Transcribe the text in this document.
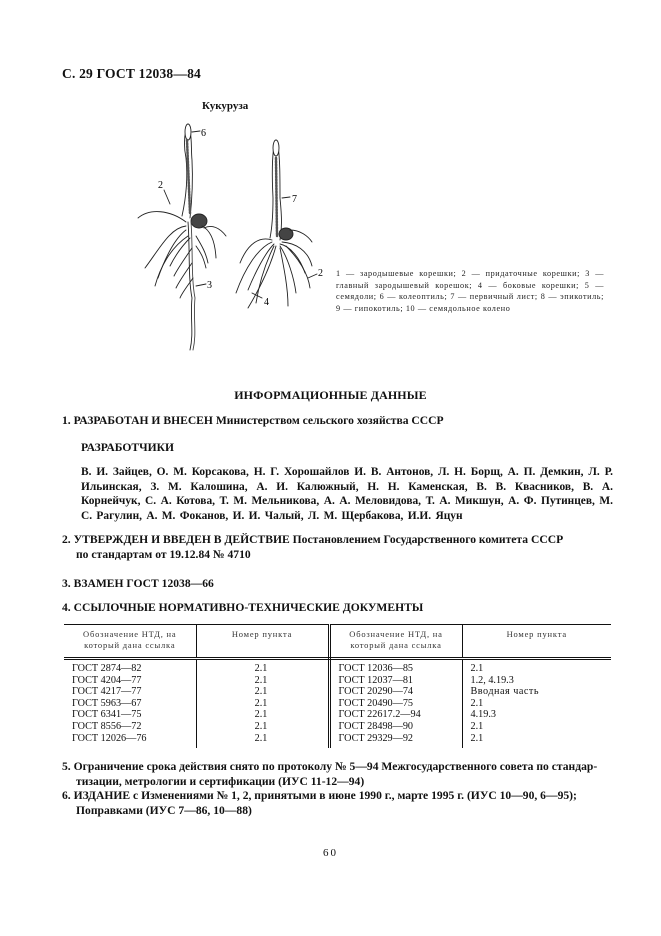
С. 29 ГОСТ 12038—84
Кукуруза
6
2
3
7
2
4
1 — зародышевые корешки; 2 — придаточные корешки; 3 — главный зародышевый корешок; 4 — боковые корешки; 5 — семядоли; 6 — колеоптиль; 7 — первичный лист; 8 — эпикотиль; 9 — гипокотиль; 10 — семядольное колено
ИНФОРМАЦИОННЫЕ ДАННЫЕ
1. РАЗРАБОТАН И ВНЕСЕН Министерством сельского хозяйства СССР
РАЗРАБОТЧИКИ
В. И. Зайцев, О. М. Корсакова, Н. Г. Хорошайлов И. В. Антонов, Л. Н. Борщ, А. П. Демкин, Л. Р. Ильинская, З. М. Калошина, А. И. Калюжный, Н. Н. Каменская, В. В. Квасников, В. А. Корнейчук, С. А. Котова, Т. М. Мельникова, А. А. Меловидова, Т. А. Микшун, А. Ф. Путинцев, М. С. Рагулин, А. М. Фоканов, И. И. Чалый, Л. М. Щербакова, И.И. Яцун
2. УТВЕРЖДЕН И ВВЕДЕН В ДЕЙСТВИЕ Постановлением Государственного комитета СССР
по стандартам от 19.12.84 № 4710
3. ВЗАМЕН ГОСТ 12038—66
4. ССЫЛОЧНЫЕ НОРМАТИВНО-ТЕХНИЧЕСКИЕ ДОКУМЕНТЫ
Обозначение НТД, на который дана ссылка	Номер пункта	Обозначение НТД, на который дана ссылка	Номер пункта
ГОСТ 2874—82	2.1	ГОСТ 12036—85	2.1
ГОСТ 4204—77	2.1	ГОСТ 12037—81	1.2, 4.19.3
ГОСТ 4217—77	2.1	ГОСТ 20290—74	Вводная часть
ГОСТ 5963—67	2.1	ГОСТ 20490—75	2.1
ГОСТ 6341—75	2.1	ГОСТ 22617.2—94	4.19.3
ГОСТ 8556—72	2.1	ГОСТ 28498—90	2.1
ГОСТ 12026—76	2.1	ГОСТ 29329—92	2.1
5. Ограничение срока действия снято по протоколу № 5—94 Межгосударственного совета по стандар-
тизации, метрологии и сертификации (ИУС 11-12—94)
6. ИЗДАНИЕ с Изменениями № 1, 2, принятыми в июне 1990 г., марте 1995 г. (ИУС 10—90, 6—95);
Поправками (ИУС 7—86, 10—88)
60
